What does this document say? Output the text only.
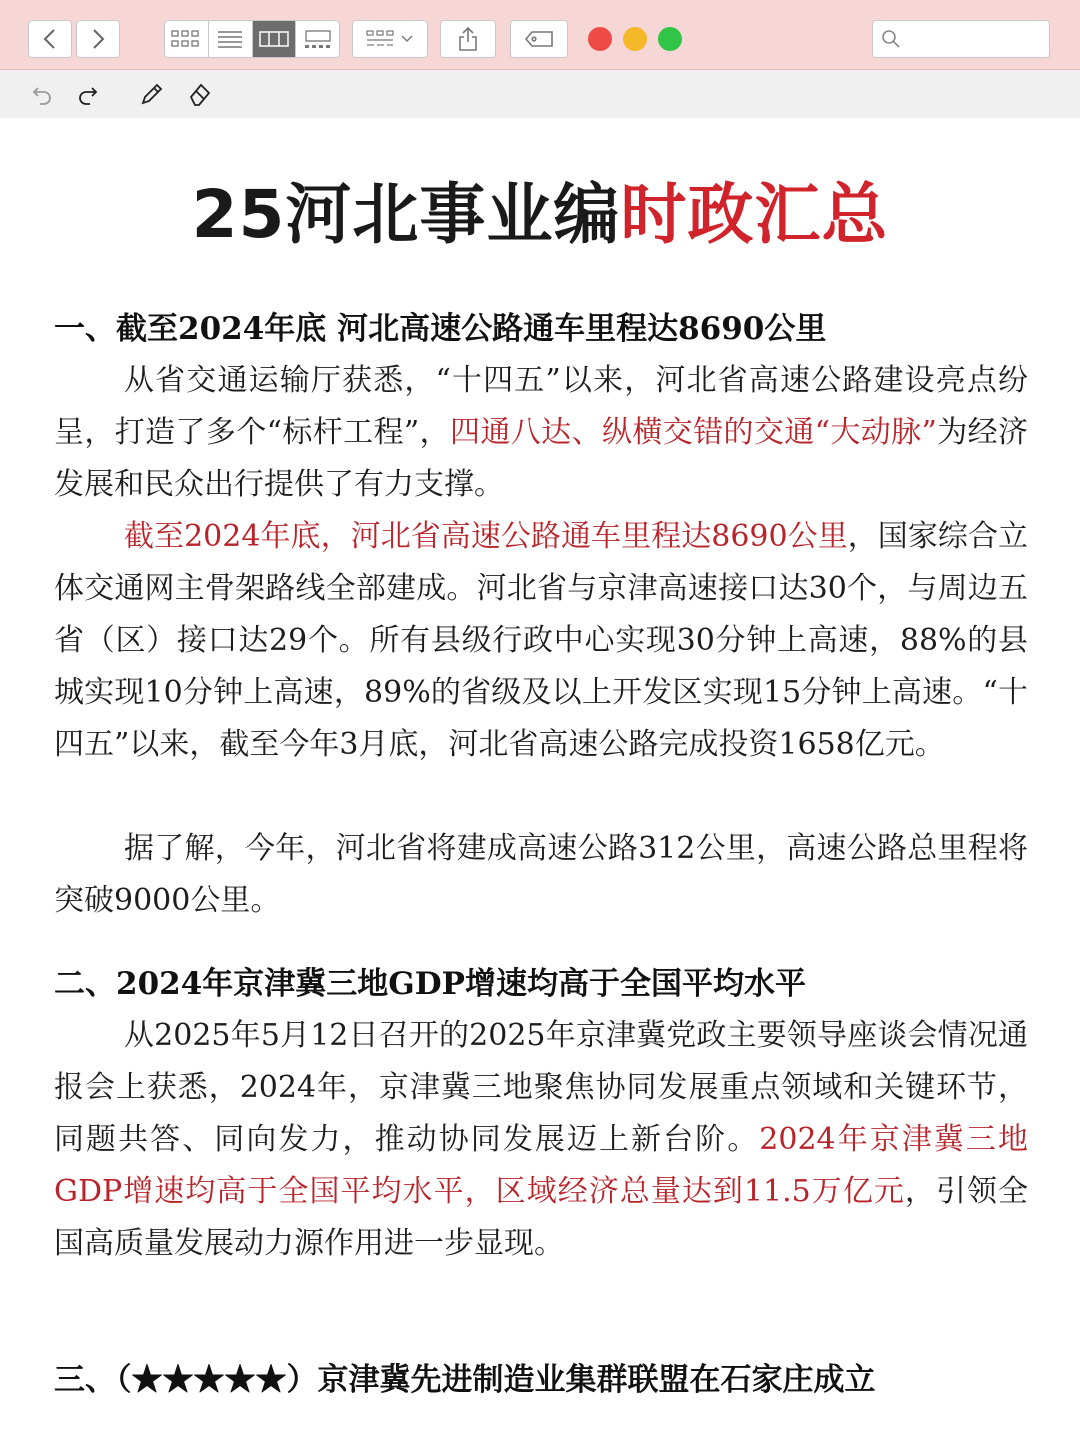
25河北事业编时政汇总
一、截至2024年底 河北高速公路通车里程达8690公里
从省交通运输厅获悉，“十四五”以来，河北省高速公路建设亮点纷呈，打造了多个“标杆工程”，四通八达、纵横交错的交通“大动脉”为经济发展和民众出行提供了有力支撑。
截至2024年底，河北省高速公路通车里程达8690公里，国家综合立体交通网主骨架路线全部建成。河北省与京津高速接口达30个，与周边五省（区）接口达29个。所有县级行政中心实现30分钟上高速，88%的县城实现10分钟上高速，89%的省级及以上开发区实现15分钟上高速。“十四五”以来，截至今年3月底，河北省高速公路完成投资1658亿元。
据了解，今年，河北省将建成高速公路312公里，高速公路总里程将突破9000公里。
二、2024年京津冀三地GDP增速均高于全国平均水平
从2025年5月12日召开的2025年京津冀党政主要领导座谈会情况通报会上获悉，2024年，京津冀三地聚焦协同发展重点领域和关键环节，同题共答、同向发力，推动协同发展迈上新台阶。2024年京津冀三地GDP增速均高于全国平均水平，区域经济总量达到11.5万亿元，引领全国高质量发展动力源作用进一步显现。
三、（★★★★★）京津冀先进制造业集群联盟在石家庄成立
